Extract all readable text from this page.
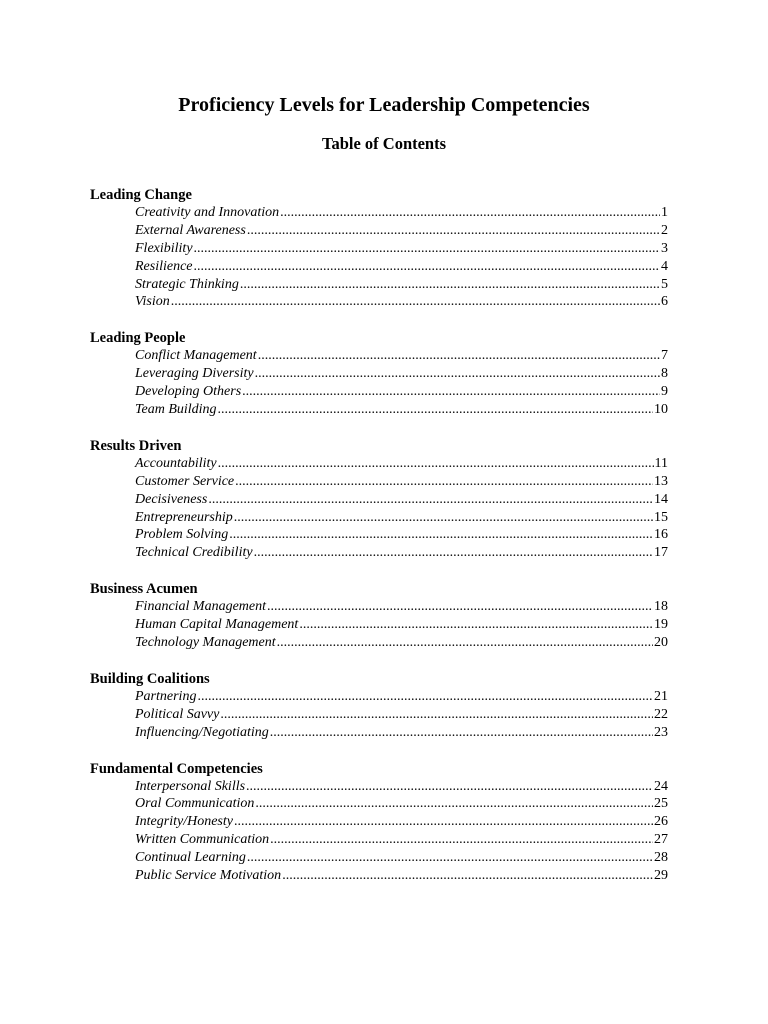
Proficiency Levels for Leadership Competencies
Table of Contents
Leading Change
Creativity and Innovation .....	1
External Awareness .....	2
Flexibility .....	3
Resilience .....	4
Strategic Thinking .....	5
Vision .....	6
Leading People
Conflict Management .....	7
Leveraging Diversity .....	8
Developing Others .....	9
Team Building .....	10
Results Driven
Accountability .....	11
Customer Service .....	13
Decisiveness .....	14
Entrepreneurship .....	15
Problem Solving .....	16
Technical Credibility .....	17
Business Acumen
Financial Management .....	18
Human Capital Management .....	19
Technology Management .....	20
Building Coalitions
Partnering .....	21
Political Savvy .....	22
Influencing/Negotiating .....	23
Fundamental Competencies
Interpersonal Skills .....	24
Oral Communication .....	25
Integrity/Honesty .....	26
Written Communication .....	27
Continual Learning .....	28
Public Service Motivation .....	29
